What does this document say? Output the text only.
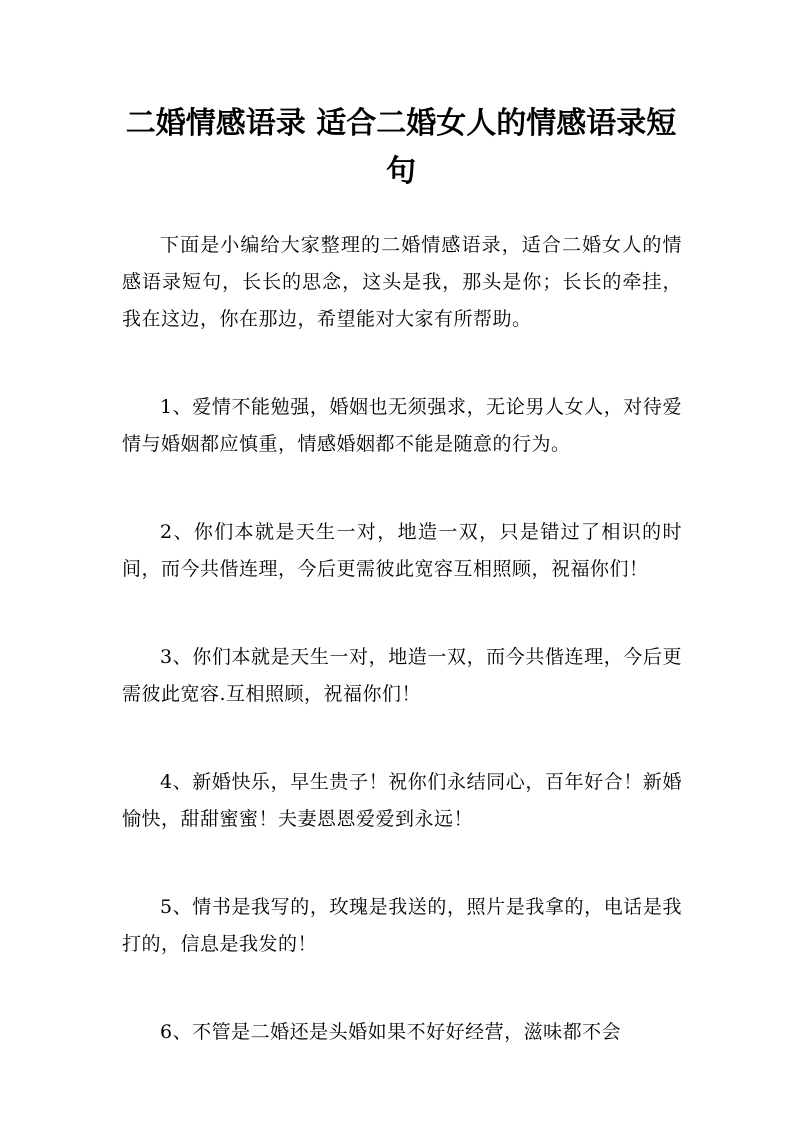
二婚情感语录 适合二婚女人的情感语录短句

下面是小编给大家整理的二婚情感语录，适合二婚女人的情感语录短句，长长的思念，这头是我，那头是你；长长的牵挂，我在这边，你在那边，希望能对大家有所帮助。

1、爱情不能勉强，婚姻也无须强求，无论男人女人，对待爱情与婚姻都应慎重，情感婚姻都不能是随意的行为。

2、你们本就是天生一对，地造一双，只是错过了相识的时间，而今共偕连理，今后更需彼此宽容互相照顾，祝福你们！

3、你们本就是天生一对，地造一双，而今共偕连理，今后更需彼此宽容.互相照顾，祝福你们！

4、新婚快乐，早生贵子！祝你们永结同心，百年好合！新婚愉快，甜甜蜜蜜！夫妻恩恩爱爱到永远！

5、情书是我写的，玫瑰是我送的，照片是我拿的，电话是我打的，信息是我发的！

6、不管是二婚还是头婚如果不好好经营，滋味都不会
